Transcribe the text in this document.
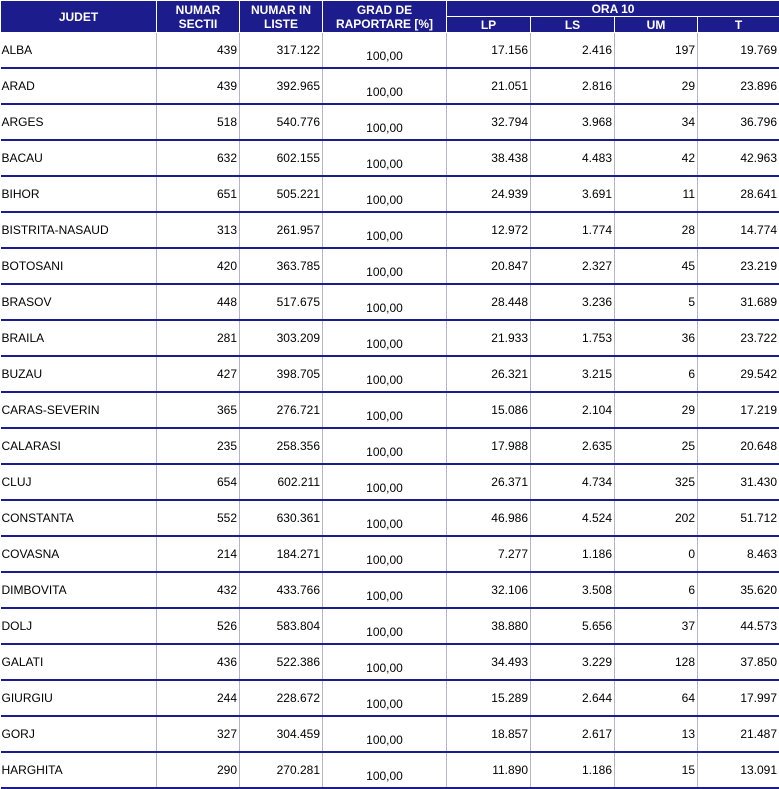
JUDET	NUMAR SECTII	NUMAR IN LISTE	GRAD DE RAPORTARE [%]	ORA 10			
				LP	LS	UM	T
ALBA	439	317.122	100,00	17.156	2.416	197	19.769
ARAD	439	392.965	100,00	21.051	2.816	29	23.896
ARGES	518	540.776	100,00	32.794	3.968	34	36.796
BACAU	632	602.155	100,00	38.438	4.483	42	42.963
BIHOR	651	505.221	100,00	24.939	3.691	11	28.641
BISTRITA-NASAUD	313	261.957	100,00	12.972	1.774	28	14.774
BOTOSANI	420	363.785	100,00	20.847	2.327	45	23.219
BRASOV	448	517.675	100,00	28.448	3.236	5	31.689
BRAILA	281	303.209	100,00	21.933	1.753	36	23.722
BUZAU	427	398.705	100,00	26.321	3.215	6	29.542
CARAS-SEVERIN	365	276.721	100,00	15.086	2.104	29	17.219
CALARASI	235	258.356	100,00	17.988	2.635	25	20.648
CLUJ	654	602.211	100,00	26.371	4.734	325	31.430
CONSTANTA	552	630.361	100,00	46.986	4.524	202	51.712
COVASNA	214	184.271	100,00	7.277	1.186	0	8.463
DIMBOVITA	432	433.766	100,00	32.106	3.508	6	35.620
DOLJ	526	583.804	100,00	38.880	5.656	37	44.573
GALATI	436	522.386	100,00	34.493	3.229	128	37.850
GIURGIU	244	228.672	100,00	15.289	2.644	64	17.997
GORJ	327	304.459	100,00	18.857	2.617	13	21.487
HARGHITA	290	270.281	100,00	11.890	1.186	15	13.091
